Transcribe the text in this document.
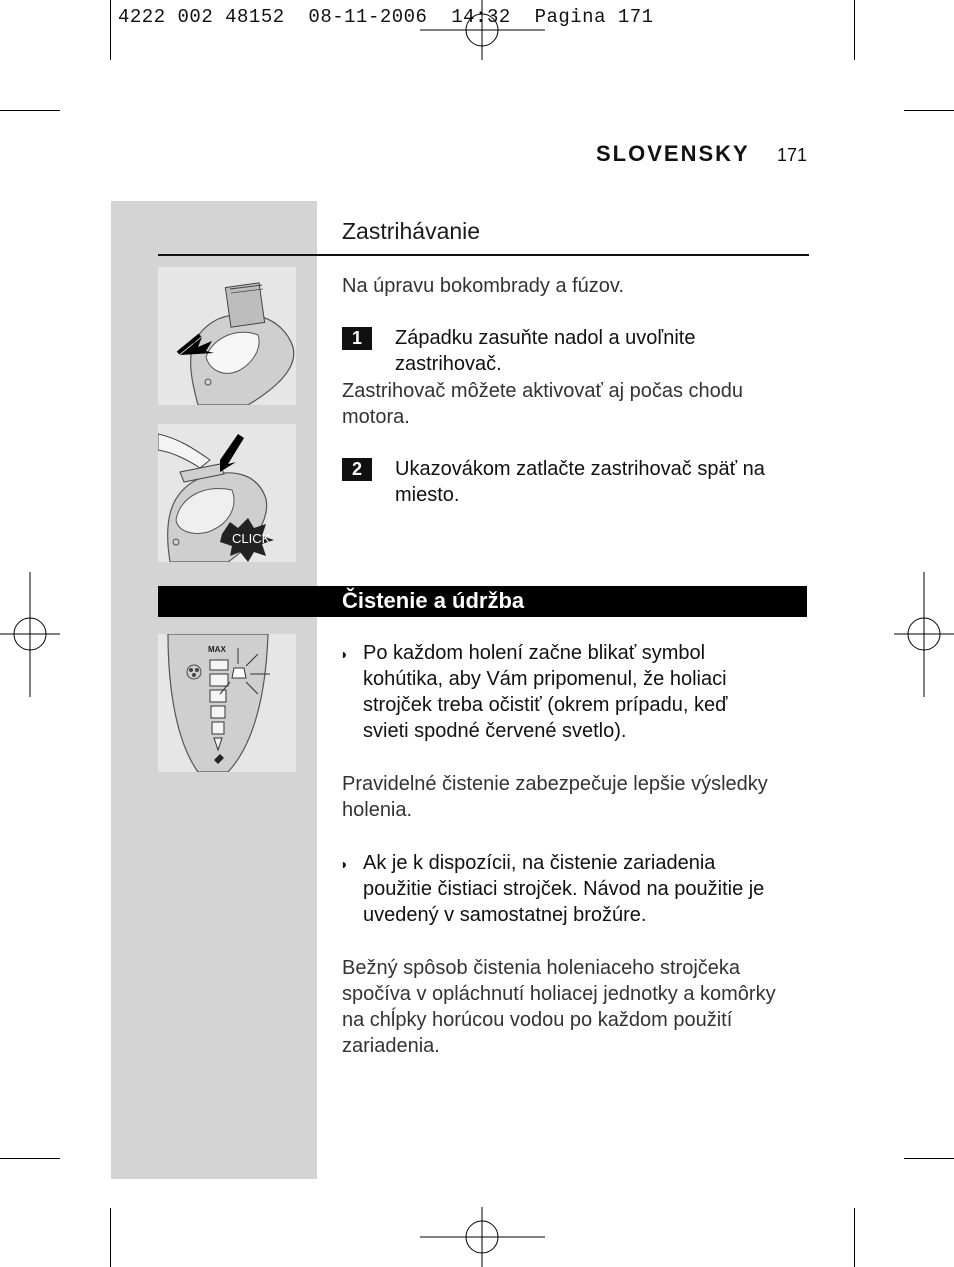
4222 002 48152  08-11-2006  14:32  Pagina 171
SLOVENSKY 171
Zastrihávanie
Na úpravu bokombrady a fúzov.
1	Západku zasuňte nadol a uvoľnite
zastrihovač.
Zastrihovač môžete aktivovať aj počas chodu
motora.
2	Ukazovákom zatlačte zastrihovač späť na
miesto.
CLICK
Čistenie a údržba
MAX	◗ Po každom holení začne blikať symbol
kohútika, aby Vám pripomenul, že holiaci
strojček treba očistiť (okrem prípadu, keď
svieti spodné červené svetlo).
Pravidelné čistenie zabezpečuje lepšie výsledky
holenia.
◗ Ak je k dispozícii, na čistenie zariadenia
použitie čistiaci strojček. Návod na použitie je
uvedený v samostatnej brožúre.
Bežný spôsob čistenia holeniaceho strojčeka
spočíva v opláchnutí holiacej jednotky a komôrky
na chĺpky horúcou vodou po každom použití
zariadenia.
